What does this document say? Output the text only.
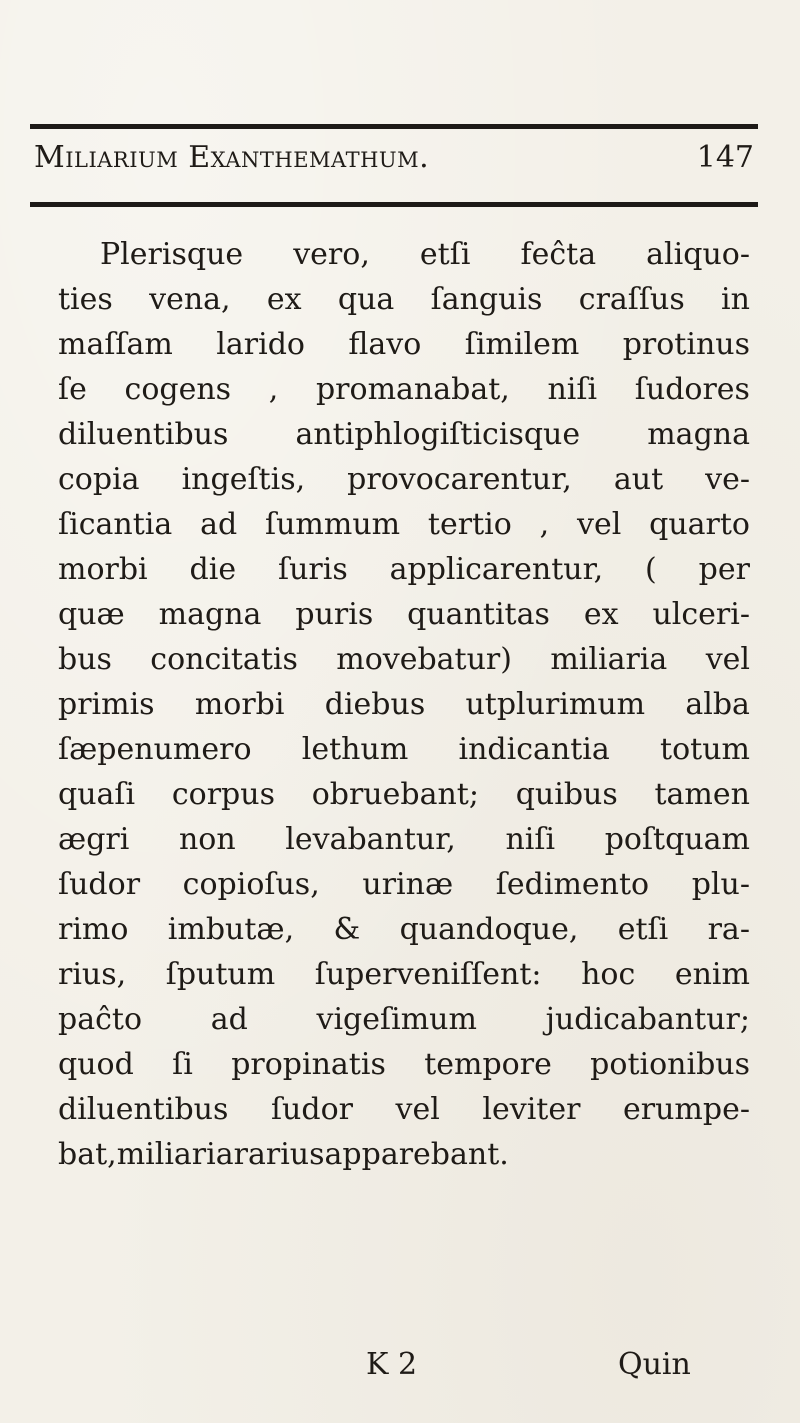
Miliarium Exanthemathum.	147
Plerisque vero, etſi feĉta aliquo-
ties vena, ex qua ſanguis craſſus in
maſſam larido flavo ſimilem protinus
ſe cogens , promanabat, niſi ſudores
diluentibus antiphlogiſticisque magna
copia ingeſtis, provocarentur, aut ve-
ſicantia ad ſummum tertio , vel quarto
morbi die ſuris applicarentur, ( per
quæ magna puris quantitas ex ulceri-
bus concitatis movebatur) miliaria vel
primis morbi diebus utplurimum alba
ſæpenumero lethum indicantia totum
quaſi corpus obruebant; quibus tamen
ægri non levabantur, niſi poſtquam
ſudor copioſus, urinæ ſedimento plu-
rimo imbutæ, & quandoque, etſi ra-
rius, ſputum ſuperveniſſent: hoc enim
paĉto ad vigeſimum judicabantur;
quod ſi propinatis tempore potionibus
diluentibus ſudor vel leviter erumpe-
bat, miliaria rarius apparebant.
K 2	Quin
